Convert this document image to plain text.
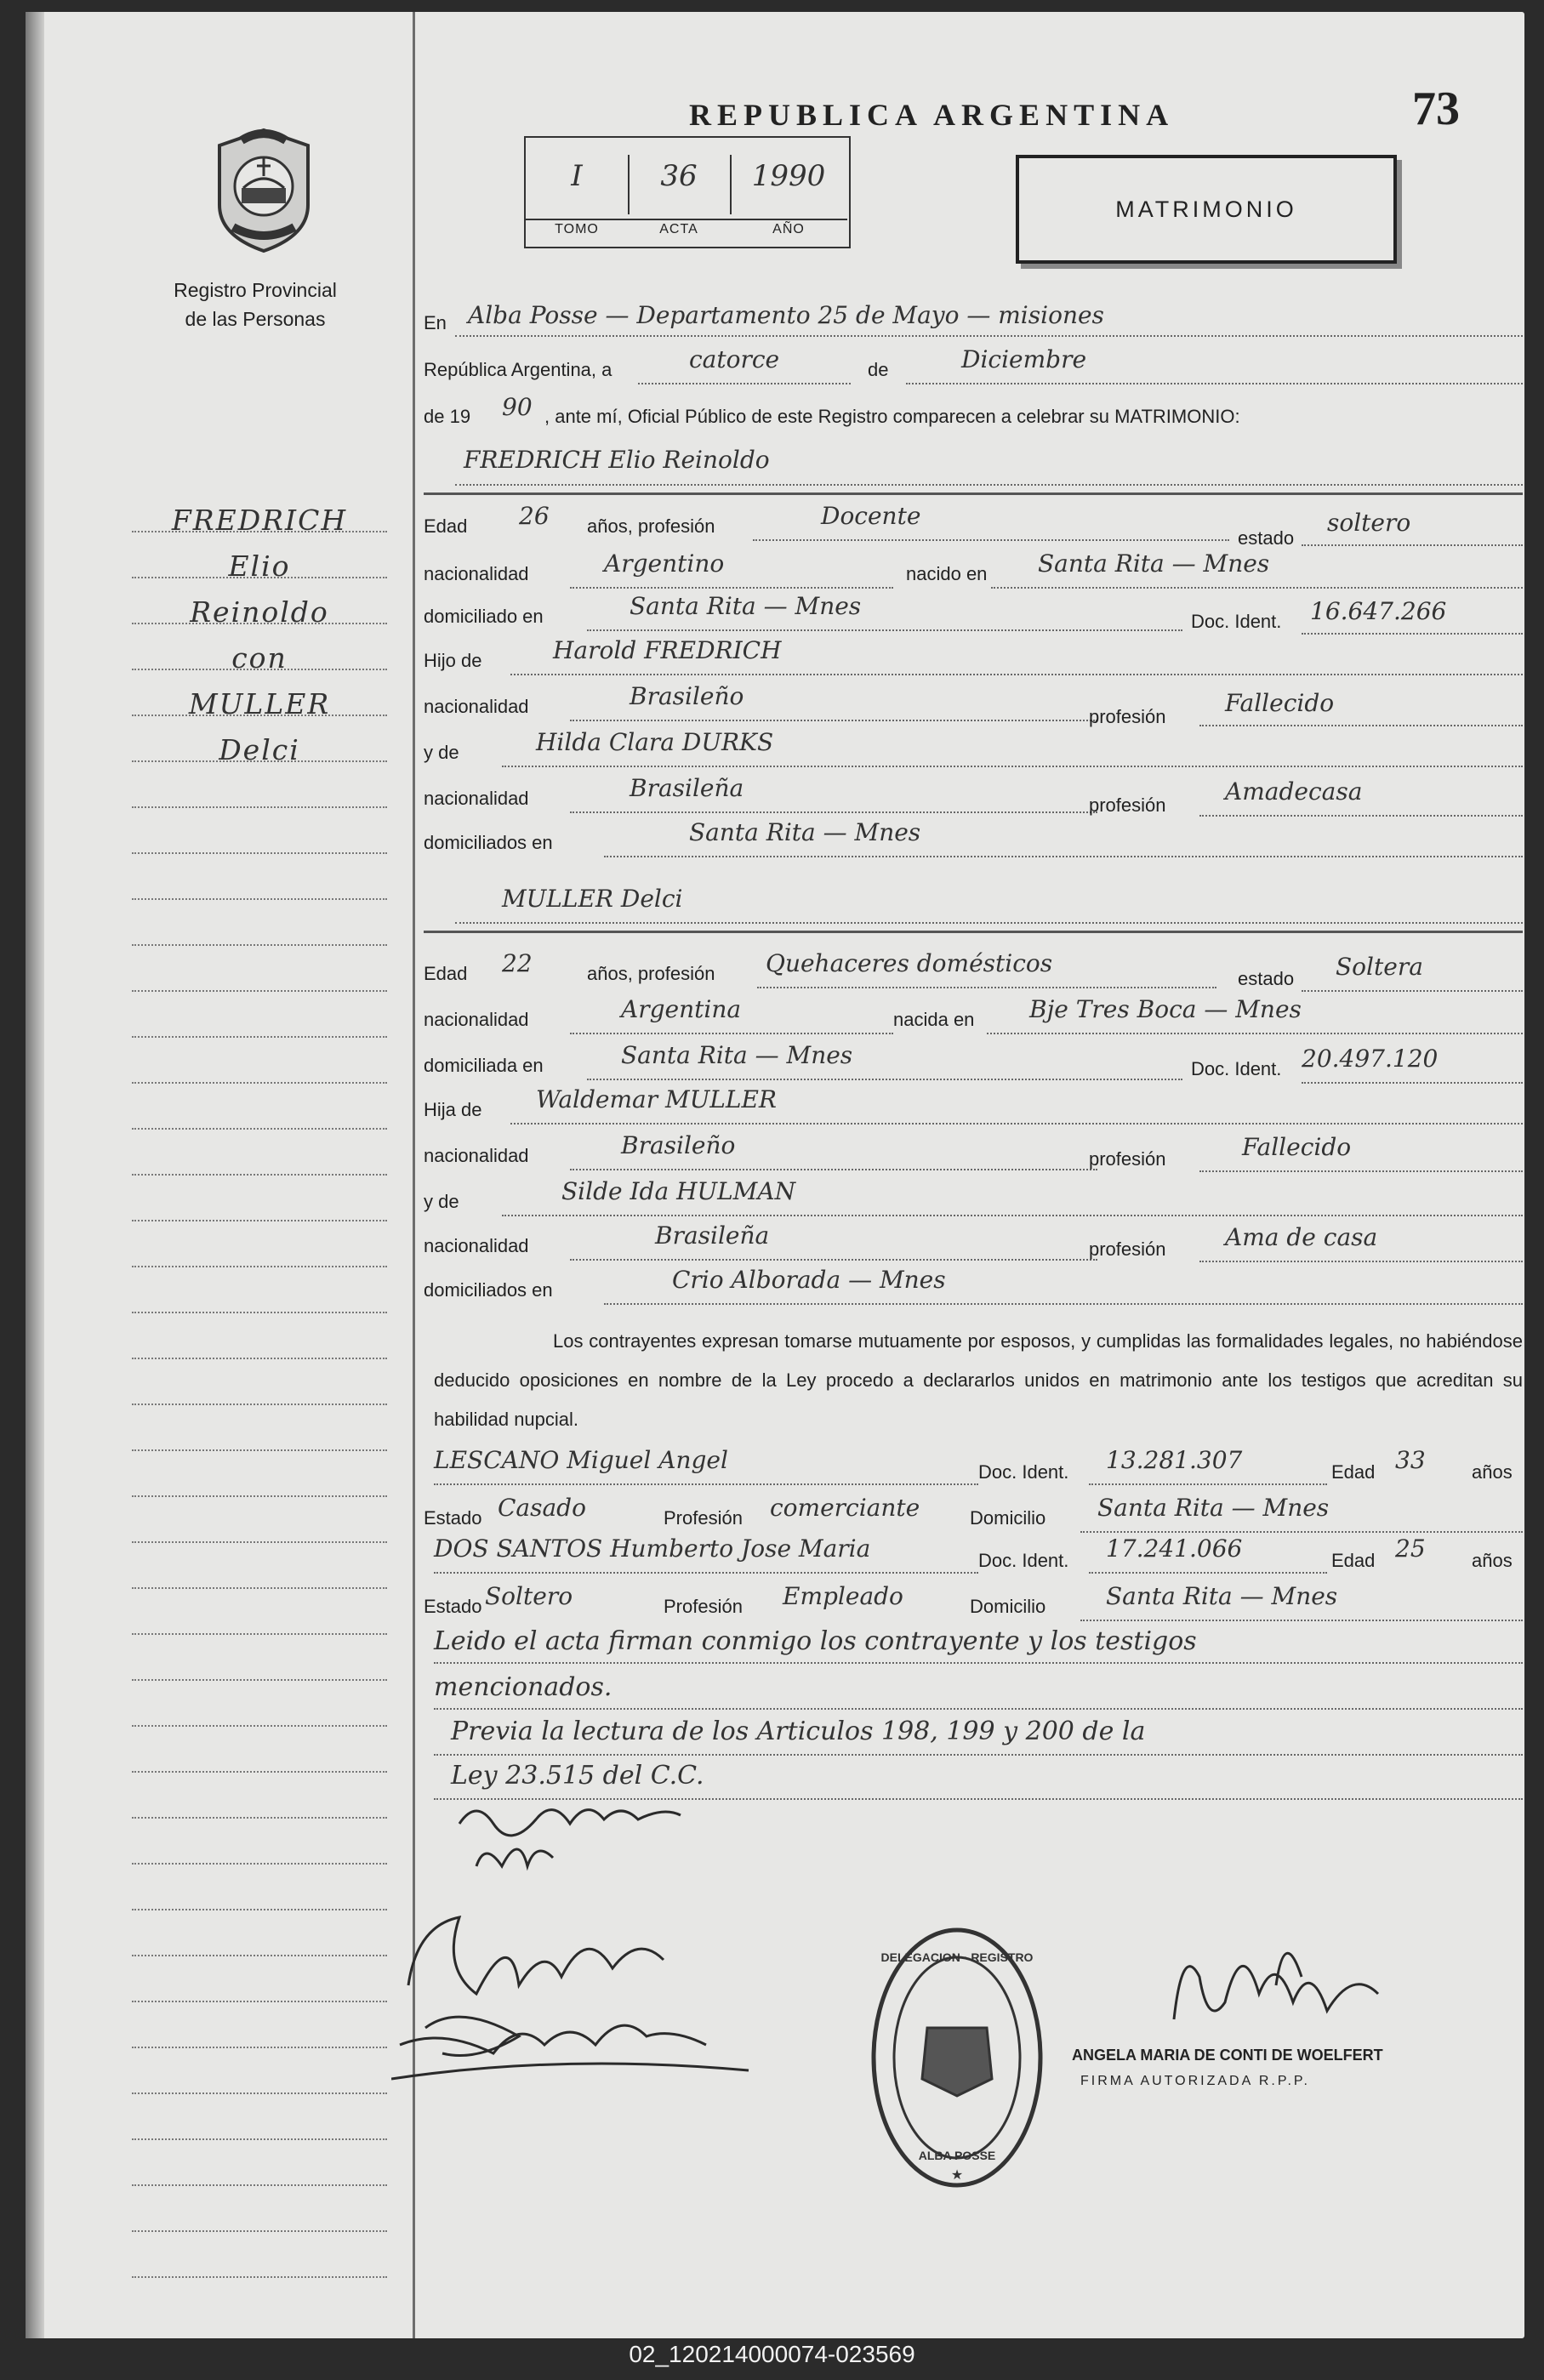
Registro Provincial
de las Personas
FREDRICH
Elio
Reinoldo
con
MULLER
Delci
REPUBLICA ARGENTINA	73
I
TOMO
36
ACTA
1990
AÑO
MATRIMONIO
En Alba Posse — Departamento 25 de Mayo — misiones
República Argentina, a	catorce	de	Diciembre
de 19 90 , ante mí, Oficial Público de este Registro comparecen a celebrar su MATRIMONIO:
FREDRICH Elio Reinoldo
Edad 26 años, profesión	Docente
estado
soltero
nacionalidad	Argentino	nacido en Santa Rita — Mnes
domiciliado en	Santa Rita — Mnes
Doc. Ident. 16.647.266
Hijo de	Harold FREDRICH
nacionalidad	Brasileño
profesión Fallecido
y de	Hilda Clara DURKS
nacionalidad	Brasileña
profesión Amadecasa
domiciliados en	Santa Rita — Mnes
MULLER Delci
Edad 22	años, profesión Quehaceres domésticos
estado Soltera
nacionalidad	Argentina	nacida en Bje Tres Boca — Mnes
domiciliada en	Santa Rita — Mnes	Doc. Ident. 20.497.120
Hija de Waldemar MULLER
nacionalidad	Brasileño	profesión	Fallecido
y de	Silde Ida HULMAN
nacionalidad	Brasileña	profesión Ama de casa
domiciliados en	Crio Alborada — Mnes
Los contrayentes expresan tomarse mutuamente por esposos, y cumplidas las formalidades legales, no habiéndose deducido oposiciones en nombre de la Ley procedo a declararlos unidos en matrimonio ante los testigos que acreditan su habilidad nupcial.
LESCANO Miguel Angel	Doc. Ident. 13.281.307	Edad 33 años
Estado Casado	Profesión comerciante	Domicilio Santa Rita — Mnes
DOS SANTOS Humberto Jose Maria	Doc. Ident. 17.241.066	Edad 25 años
Estado Soltero	Profesión Empleado	Domicilio	Santa Rita — Mnes
Leido el acta firman conmigo los contrayente y los testigos
mencionados.
Previa la lectura de los Articulos 198, 199 y 200 de la
Ley 23.515 del C.C.
DELEGACION · REGISTRO
ALBA POSSE
★
ANGELA MARIA DE CONTI DE WOELFERT
FIRMA AUTORIZADA R.P.P.
02_120214000074-023569
